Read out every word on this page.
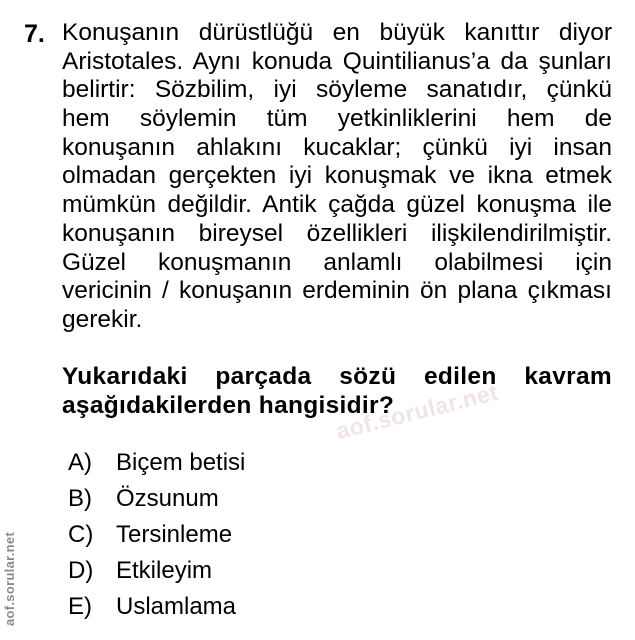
7. Konuşanın dürüstlüğü en büyük kanıttır diyor
Aristotales. Aynı konuda Quintilianus’a da şunları
belirtir: Sözbilim, iyi söyleme sanatıdır, çünkü
hem söylemin tüm yetkinliklerini hem de
konuşanın ahlakını kucaklar; çünkü iyi insan
olmadan gerçekten iyi konuşmak ve ikna etmek
mümkün değildir. Antik çağda güzel konuşma ile
konuşanın bireysel özellikleri ilişkilendirilmiştir.
Güzel konuşmanın anlamlı olabilmesi için
vericinin / konuşanın erdeminin ön plana çıkması
gerekir.
Yukarıdaki parçada sözü edilen kavram
aşağıdakilerden hangisidir?
A)	Biçem betisi
B)	Özsunum
C) Tersinleme
D) Etkileyim
E)	Uslamlama
aof.sorular.net
aof.sorular.net
